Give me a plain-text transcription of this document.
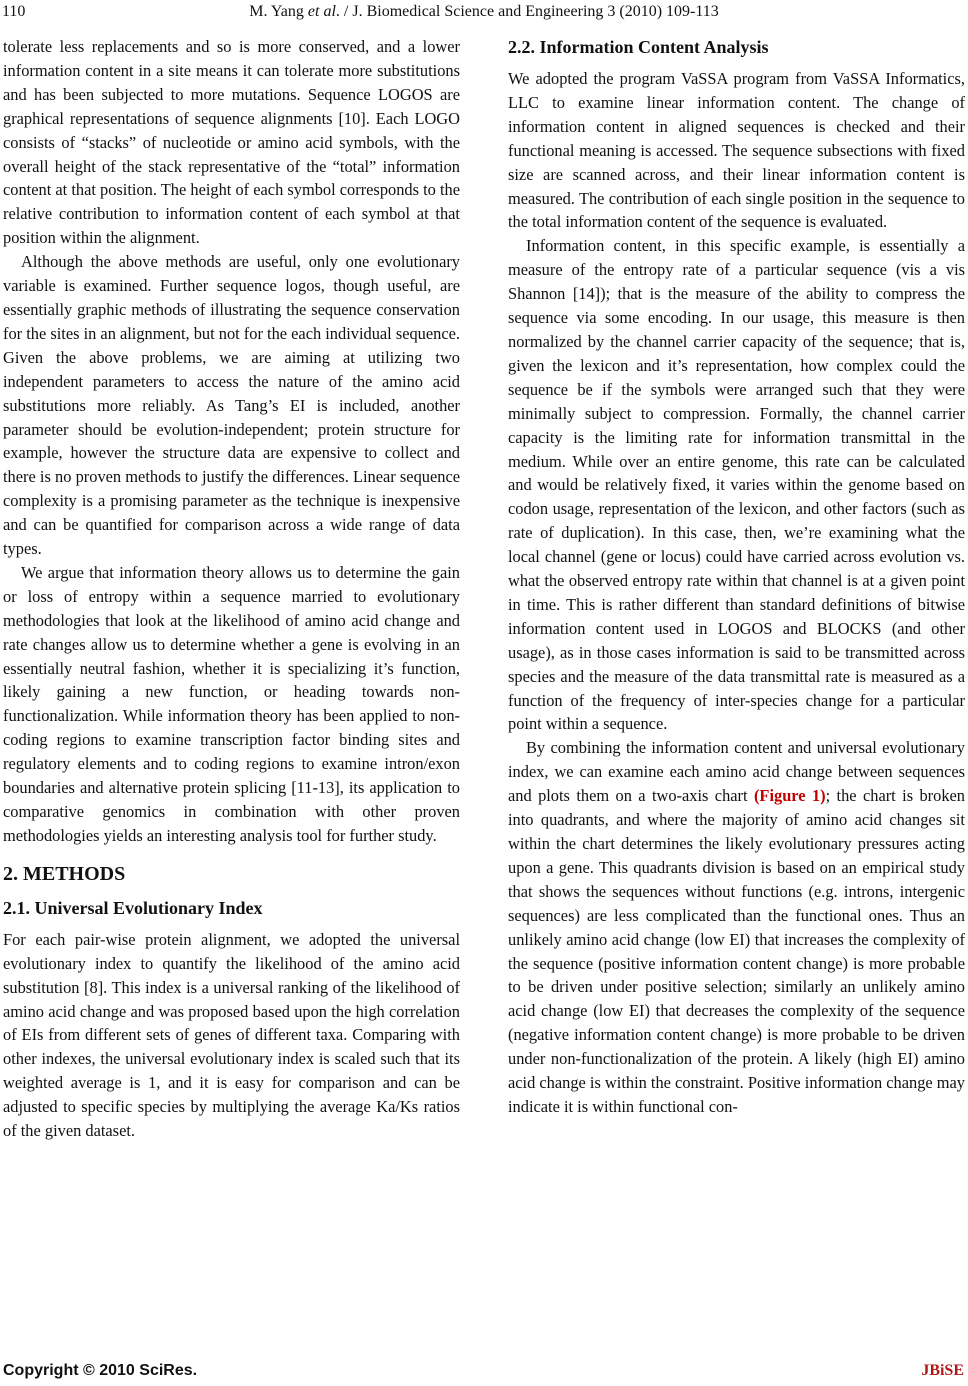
110	M. Yang et al. / J. Biomedical Science and Engineering 3 (2010) 109-113

tolerate less replacements and so is more conserved, and a lower information content in a site means it can tolerate more substitutions and has been subjected to more mutations. Sequence LOGOS are graphical representations of sequence alignments [10]. Each LOGO consists of “stacks” of nucleotide or amino acid symbols, with the overall height of the stack representative of the “total” information content at that position. The height of each symbol corresponds to the relative contribution to information content of each symbol at that position within the alignment.

Although the above methods are useful, only one evolutionary variable is examined. Further sequence logos, though useful, are essentially graphic methods of illustrating the sequence conservation for the sites in an alignment, but not for the each individual sequence. Given the above problems, we are aiming at utilizing two independent parameters to access the nature of the amino acid substitutions more reliably. As Tang’s EI is included, another parameter should be evolution-independent; protein structure for example, however the structure data are expensive to collect and there is no proven methods to justify the differences. Linear sequence complexity is a promising parameter as the technique is inexpensive and can be quantified for comparison across a wide range of data types.

We argue that information theory allows us to determine the gain or loss of entropy within a sequence married to evolutionary methodologies that look at the likelihood of amino acid change and rate changes allow us to determine whether a gene is evolving in an essentially neutral fashion, whether it is specializing it’s function, likely gaining a new function, or heading towards non-functionalization. While information theory has been applied to non-coding regions to examine transcription factor binding sites and regulatory elements and to coding regions to examine intron/exon boundaries and alternative protein splicing [11-13], its application to comparative genomics in combination with other proven methodologies yields an interesting analysis tool for further study.

2. METHODS
2.1. Universal Evolutionary Index

For each pair-wise protein alignment, we adopted the universal evolutionary index to quantify the likelihood of the amino acid substitution [8]. This index is a universal ranking of the likelihood of amino acid change and was proposed based upon the high correlation of EIs from different sets of genes of different taxa. Comparing with other indexes, the universal evolutionary index is scaled such that its weighted average is 1, and it is easy for comparison and can be adjusted to specific species by multiplying the average Ka/Ks ratios of the given dataset.

2.2. Information Content Analysis

We adopted the program VaSSA program from VaSSA Informatics, LLC to examine linear information content. The change of information content in aligned sequences is checked and their functional meaning is accessed. The sequence subsections with fixed size are scanned across, and their linear information content is measured. The contribution of each single position in the sequence to the total information content of the sequence is evaluated.

Information content, in this specific example, is essentially a measure of the entropy rate of a particular sequence (vis a vis Shannon [14]); that is the measure of the ability to compress the sequence via some encoding. In our usage, this measure is then normalized by the channel carrier capacity of the sequence; that is, given the lexicon and it’s representation, how complex could the sequence be if the symbols were arranged such that they were minimally subject to compression. Formally, the channel carrier capacity is the limiting rate for information transmittal in the medium. While over an entire genome, this rate can be calculated and would be relatively fixed, it varies within the genome based on codon usage, representation of the lexicon, and other factors (such as rate of duplication). In this case, then, we’re examining what the local channel (gene or locus) could have carried across evolution vs. what the observed entropy rate within that channel is at a given point in time. This is rather different than standard definitions of bitwise information content used in LOGOS and BLOCKS (and other usage), as in those cases information is said to be transmitted across species and the measure of the data transmittal rate is measured as a function of the frequency of inter-species change for a particular point within a sequence.

By combining the information content and universal evolutionary index, we can examine each amino acid change between sequences and plots them on a two-axis chart (Figure 1); the chart is broken into quadrants, and where the majority of amino acid changes sit within the chart determines the likely evolutionary pressures acting upon a gene. This quadrants division is based on an empirical study that shows the sequences without functions (e.g. introns, intergenic sequences) are less complicated than the functional ones. Thus an unlikely amino acid change (low EI) that increases the complexity of the sequence (positive information content change) is more probable to be driven under positive selection; similarly an unlikely amino acid change (low EI) that decreases the complexity of the sequence (negative information content change) is more probable to be driven under non-functionalization of the protein. A likely (high EI) amino acid change is within the constraint. Positive information change may indicate it is within functional con-

Copyright © 2010 SciRes.	JBiSE
